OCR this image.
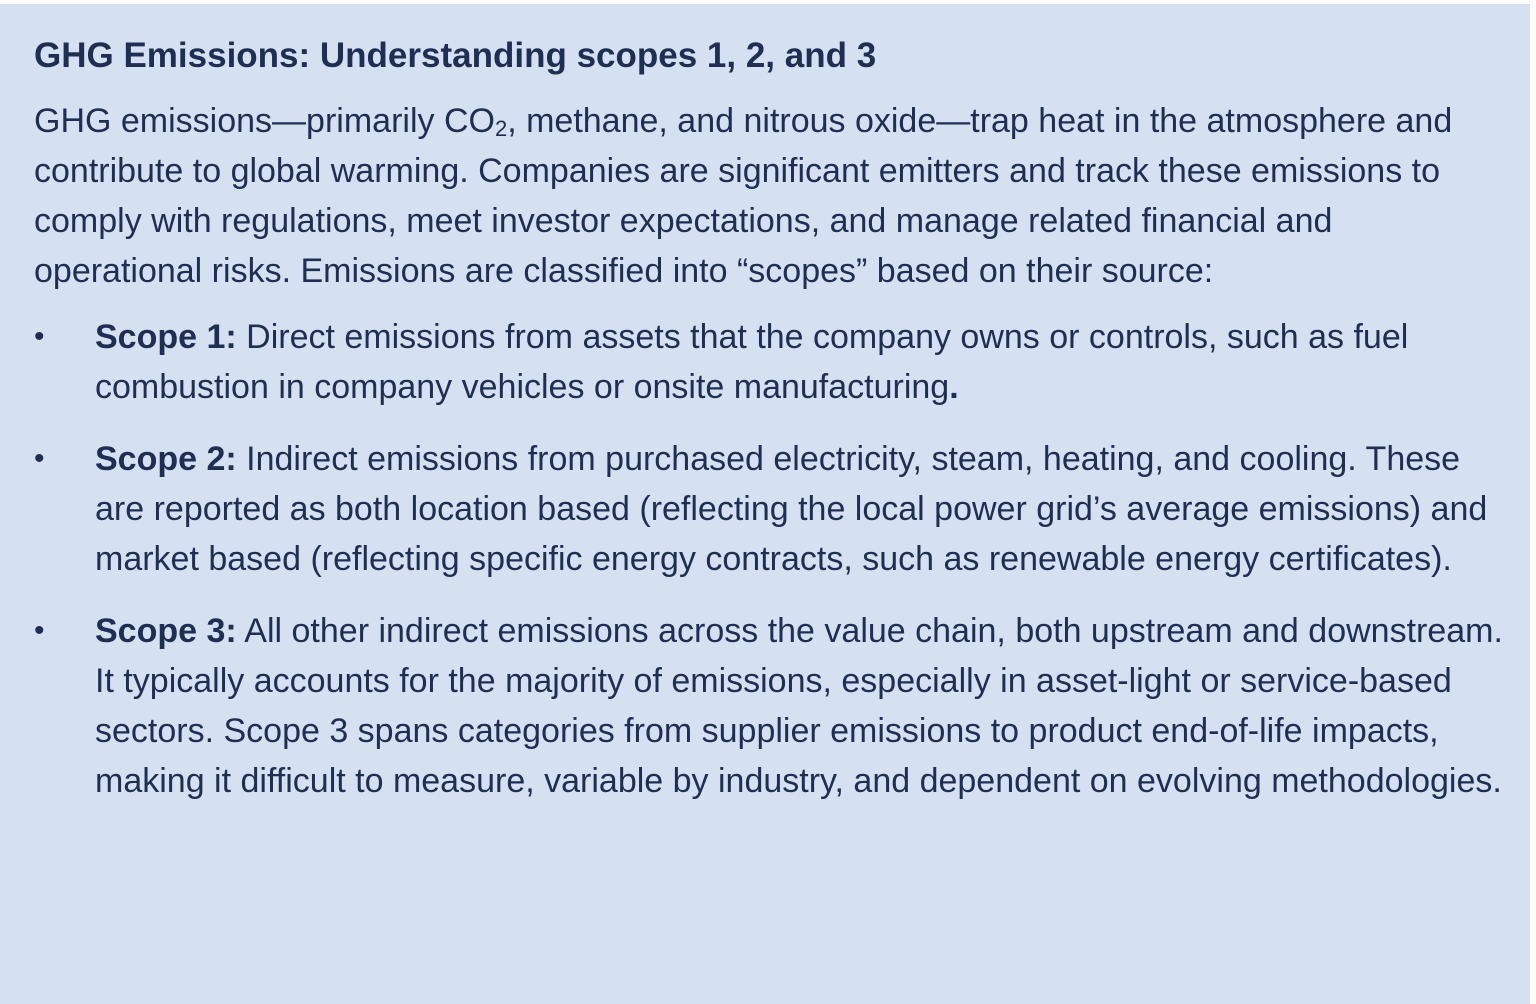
GHG Emissions: Understanding scopes 1, 2, and 3

GHG emissions—primarily $CO_2$, methane, and nitrous oxide—trap heat in the atmosphere and contribute to global warming. Companies are significant emitters and track these emissions to comply with regulations, meet investor expectations, and manage related financial and operational risks. Emissions are classified into “scopes” based on their source:

• Scope 1: Direct emissions from assets that the company owns or controls, such as fuel combustion in company vehicles or onsite manufacturing.
• Scope 2: Indirect emissions from purchased electricity, steam, heating, and cooling. These are reported as both location based (reflecting the local power grid’s average emissions) and market based (reflecting specific energy contracts, such as renewable energy certificates).
• Scope 3: All other indirect emissions across the value chain, both upstream and downstream. It typically accounts for the majority of emissions, especially in asset-light or service-based sectors. Scope 3 spans categories from supplier emissions to product end-of-life impacts, making it difficult to measure, variable by industry, and dependent on evolving methodologies.
